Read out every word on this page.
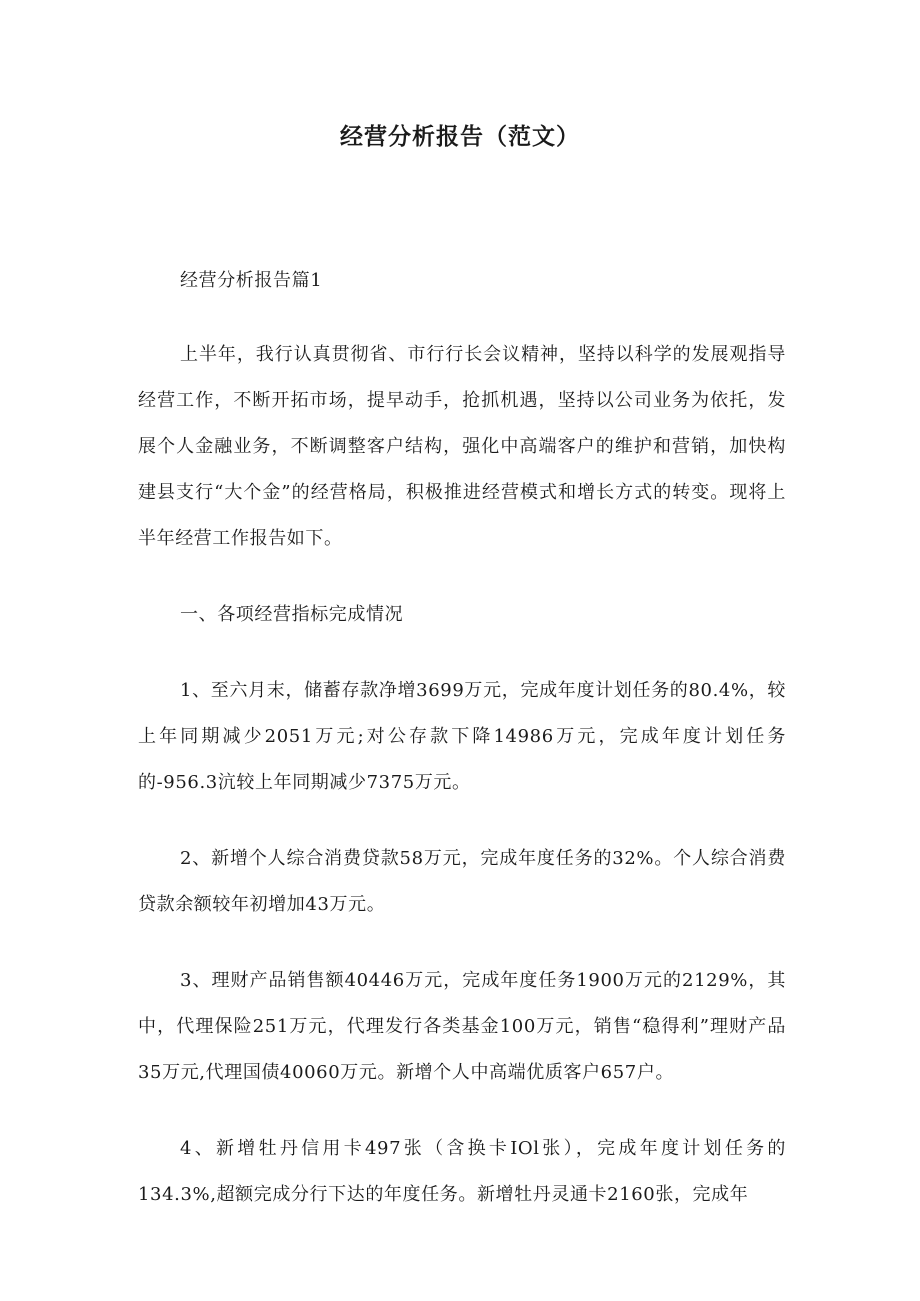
经营分析报告（范文）

经营分析报告篇1

上半年，我行认真贯彻省、市行行长会议精神，坚持以科学的发展观指导经营工作，不断开拓市场，提早动手，抢抓机遇，坚持以公司业务为依托，发展个人金融业务，不断调整客户结构，强化中高端客户的维护和营销，加快构建县支行“大个金”的经营格局，积极推进经营模式和增长方式的转变。现将上半年经营工作报告如下。

一、各项经营指标完成情况

1、至六月末，储蓄存款净增3699万元，完成年度计划任务的80.4%，较上年同期减少2051万元;对公存款下降14986万元，完成年度计划任务的-956.3沆较上年同期减少7375万元。

2、新增个人综合消费贷款58万元，完成年度任务的32%。个人综合消费贷款余额较年初增加43万元。

3、理财产品销售额40446万元，完成年度任务1900万元的2129%，其中，代理保险251万元，代理发行各类基金100万元，销售“稳得利”理财产品35万元,代理国债40060万元。新增个人中高端优质客户657户。

4、新增牡丹信用卡497张（含换卡IOl张），完成年度计划任务的134.3%,超额完成分行下达的年度任务。新增牡丹灵通卡2160张，完成年
